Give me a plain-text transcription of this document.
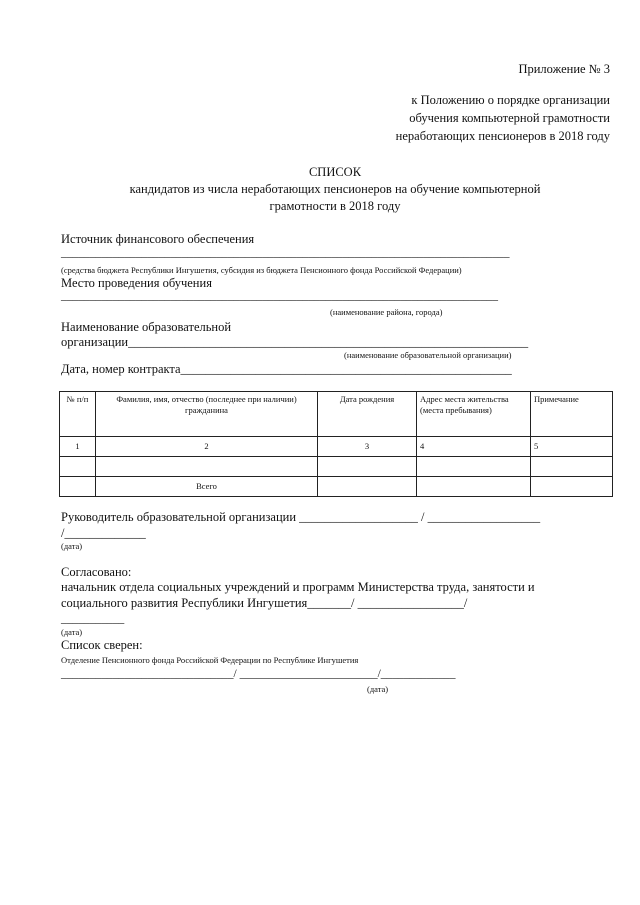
Приложение № 3
к Положению о порядке организации
обучения компьютерной грамотности
неработающих пенсионеров в 2018 году
СПИСОК
кандидатов из числа неработающих пенсионеров на обучение компьютерной
грамотности в 2018 году
Источник финансового обеспечения
______________________________________________________________________________
(средства бюджета Республики Ингушетия, субсидия из бюджета Пенсионного фонда Российской Федерации)
Место проведения обучения
____________________________________________________________________________
(наименование района, города)
Наименование образовательной
организации________________________________________________________________
(наименование образовательной организации)
Дата, номер контракта_____________________________________________________
№ п/п	Фамилия, имя, отчество (последнее при наличии) гражданина	Дата рождения	Адрес места жительства (места пребывания)	Примечание
1	2	3	4	5

	Всего			
Руководитель образовательной организации ___________________ / __________________
/_____________
(дата)
Согласовано:
начальник отдела социальных учреждений и программ Министерства труда, занятости и
социального развития Республики Ингушетия_______/ _________________/
___________
(дата)
Список сверен:
Отделение Пенсионного фонда Российской Федерации по Республике Ингушетия
______________________________/ ________________________/_____________
(дата)
